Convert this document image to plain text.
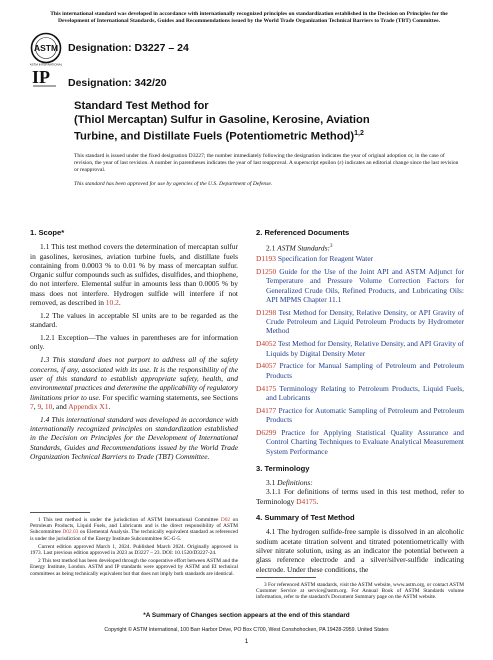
This international standard was developed in accordance with internationally recognized principles on standardization established in the Decision on Principles for the Development of International Standards, Guides and Recommendations issued by the World Trade Organization Technical Barriers to Trade (TBT) Committee.
ASTM
ASTM INTERNATIONAL
Designation: D3227 – 24
IP Designation: 342/20
Standard Test Method for
(Thiol Mercaptan) Sulfur in Gasoline, Kerosine, Aviation
Turbine, and Distillate Fuels (Potentiometric Method)$^{1,2}$
This standard is issued under the fixed designation D3227; the number immediately following the designation indicates the year of original adoption or, in the case of revision, the year of last revision. A number in parentheses indicates the year of last reapproval. A superscript epsilon (ε) indicates an editorial change since the last revision or reapproval.
This standard has been approved for use by agencies of the U.S. Department of Defense.
1. Scope*

1.1 This test method covers the determination of mercaptan sulfur in gasolines, kerosines, aviation turbine fuels, and distillate fuels containing from 0.0003 % to 0.01 % by mass of mercaptan sulfur. Organic sulfur compounds such as sulfides, disulfides, and thiophene, do not interfere. Elemental sulfur in amounts less than 0.0005 % by mass does not interfere. Hydrogen sulfide will interfere if not removed, as described in 10.2.

1.2 The values in acceptable SI units are to be regarded as the standard.

1.2.1 Exception—The values in parentheses are for information only.

1.3 This standard does not purport to address all of the safety concerns, if any, associated with its use. It is the responsibility of the user of this standard to establish appropriate safety, health, and environmental practices and determine the applicability of regulatory limitations prior to use. For specific warning statements, see Sections 7, 9, 10, and Appendix X1.

1.4 This international standard was developed in accordance with internationally recognized principles on standardization established in the Decision on Principles for the Development of International Standards, Guides and Recommendations issued by the World Trade Organization Technical Barriers to Trade (TBT) Committee.

1 This test method is under the jurisdiction of ASTM International Committee D02 on Petroleum Products, Liquid Fuels, and Lubricants and is the direct responsibility of ASTM Subcommittee D02.03 on Elemental Analysis. The technically equivalent standard as referenced is under the jurisdiction of the Energy Institute Subcommittee SC-G-5.

Current edition approved March 1, 2024. Published March 2024. Originally approved in 1973. Last previous edition approved in 2023 as D3227 – 23. DOI: 10.1520/D3227-24.

2 This test method has been developed through the cooperative effort between ASTM and the Energy Institute, London. ASTM and IP standards were approved by ASTM and EI technical committees as being technically equivalent but that does not imply both standards are identical.

2. Referenced Documents

2.1 ASTM Standards:$^3$

D1193 Specification for Reagent Water

D1250 Guide for the Use of the Joint API and ASTM Adjunct for Temperature and Pressure Volume Correction Factors for Generalized Crude Oils, Refined Products, and Lubricating Oils: API MPMS Chapter 11.1

D1298 Test Method for Density, Relative Density, or API Gravity of Crude Petroleum and Liquid Petroleum Products by Hydrometer Method

D4052 Test Method for Density, Relative Density, and API Gravity of Liquids by Digital Density Meter

D4057 Practice for Manual Sampling of Petroleum and Petroleum Products

D4175 Terminology Relating to Petroleum Products, Liquid Fuels, and Lubricants

D4177 Practice for Automatic Sampling of Petroleum and Petroleum Products

D6299 Practice for Applying Statistical Quality Assurance and Control Charting Techniques to Evaluate Analytical Measurement System Performance

3. Terminology

3.1 Definitions:

3.1.1 For definitions of terms used in this test method, refer to Terminology D4175.

4. Summary of Test Method

4.1 The hydrogen sulfide-free sample is dissolved in an alcoholic sodium acetate titration solvent and titrated potentiometrically with silver nitrate solution, using as an indicator the potential between a glass reference electrode and a silver/silver-sulfide indicating electrode. Under these conditions, the

3 For referenced ASTM standards, visit the ASTM website, www.astm.org, or contact ASTM Customer Service at service@astm.org. For Annual Book of ASTM Standards volume information, refer to the standard's Document Summary page on the ASTM website.

*A Summary of Changes section appears at the end of this standard
Copyright © ASTM International, 100 Barr Harbor Drive, PO Box C700, West Conshohocken, PA 19428-2959. United States
1
